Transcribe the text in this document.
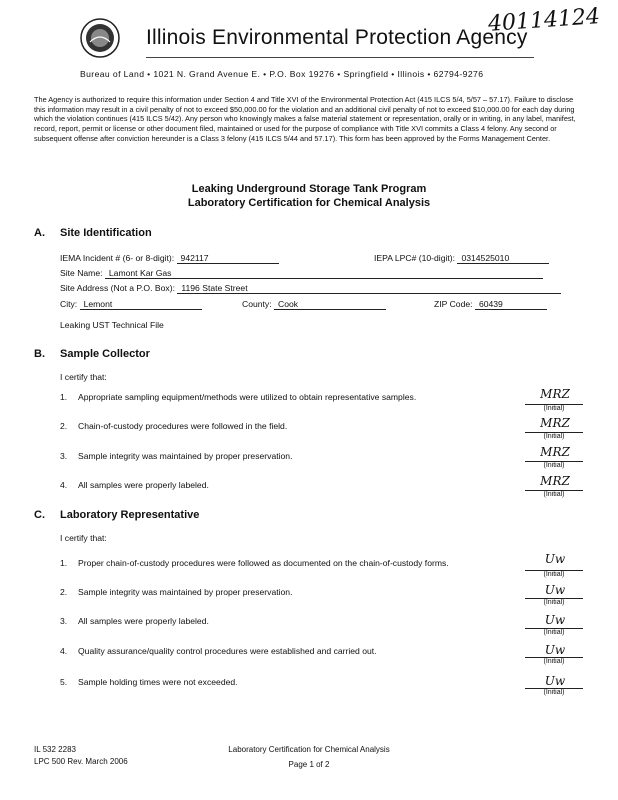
Illinois Environmental Protection Agency
40114124
Bureau of Land • 1021 N. Grand Avenue E. • P.O. Box 19276 • Springfield • Illinois • 62794-9276
The Agency is authorized to require this information under Section 4 and Title XVI of the Environmental Protection Act (415 ILCS 5/4, 5/57 – 57.17). Failure to disclose this information may result in a civil penalty of not to exceed $50,000.00 for the violation and an additional civil penalty of not to exceed $10,000.00 for each day during which the violation continues (415 ILCS 5/42). Any person who knowingly makes a false material statement or representation, orally or in writing, in any label, manifest, record, report, permit or license or other document filed, maintained or used for the purpose of compliance with Title XVI commits a Class 4 felony. Any second or subsequent offense after conviction hereunder is a Class 3 felony (415 ILCS 5/44 and 57.17). This form has been approved by the Forms Management Center.
Leaking Underground Storage Tank Program
Laboratory Certification for Chemical Analysis
A. Site Identification
IEMA Incident # (6- or 8-digit): 942117	IEPA LPC# (10-digit): 0314525010
Site Name: Lamont Kar Gas
Site Address (Not a P.O. Box): 1196 State Street
City: Lemont	County: Cook	ZIP Code: 60439
Leaking UST Technical File
B. Sample Collector
I certify that:
1. Appropriate sampling equipment/methods were utilized to obtain representative samples.	MRZ
(Initial)
2. Chain-of-custody procedures were followed in the field.	MRZ
(Initial)
3. Sample integrity was maintained by proper preservation.	MRZ
(Initial)
4. All samples were properly labeled.	MRZ
(Initial)
C. Laboratory Representative
I certify that:
1. Proper chain-of-custody procedures were followed as documented on the chain-of-custody forms.	Uw
(Initial)
2. Sample integrity was maintained by proper preservation.	Uw
(Initial)
3. All samples were properly labeled.	Uw
(Initial)
4. Quality assurance/quality control procedures were established and carried out.	Uw
(Initial)
5. Sample holding times were not exceeded.	Uw
(Initial)
IL 532 2283
LPC 500 Rev. March 2006
Laboratory Certification for Chemical Analysis
Page 1 of 2
